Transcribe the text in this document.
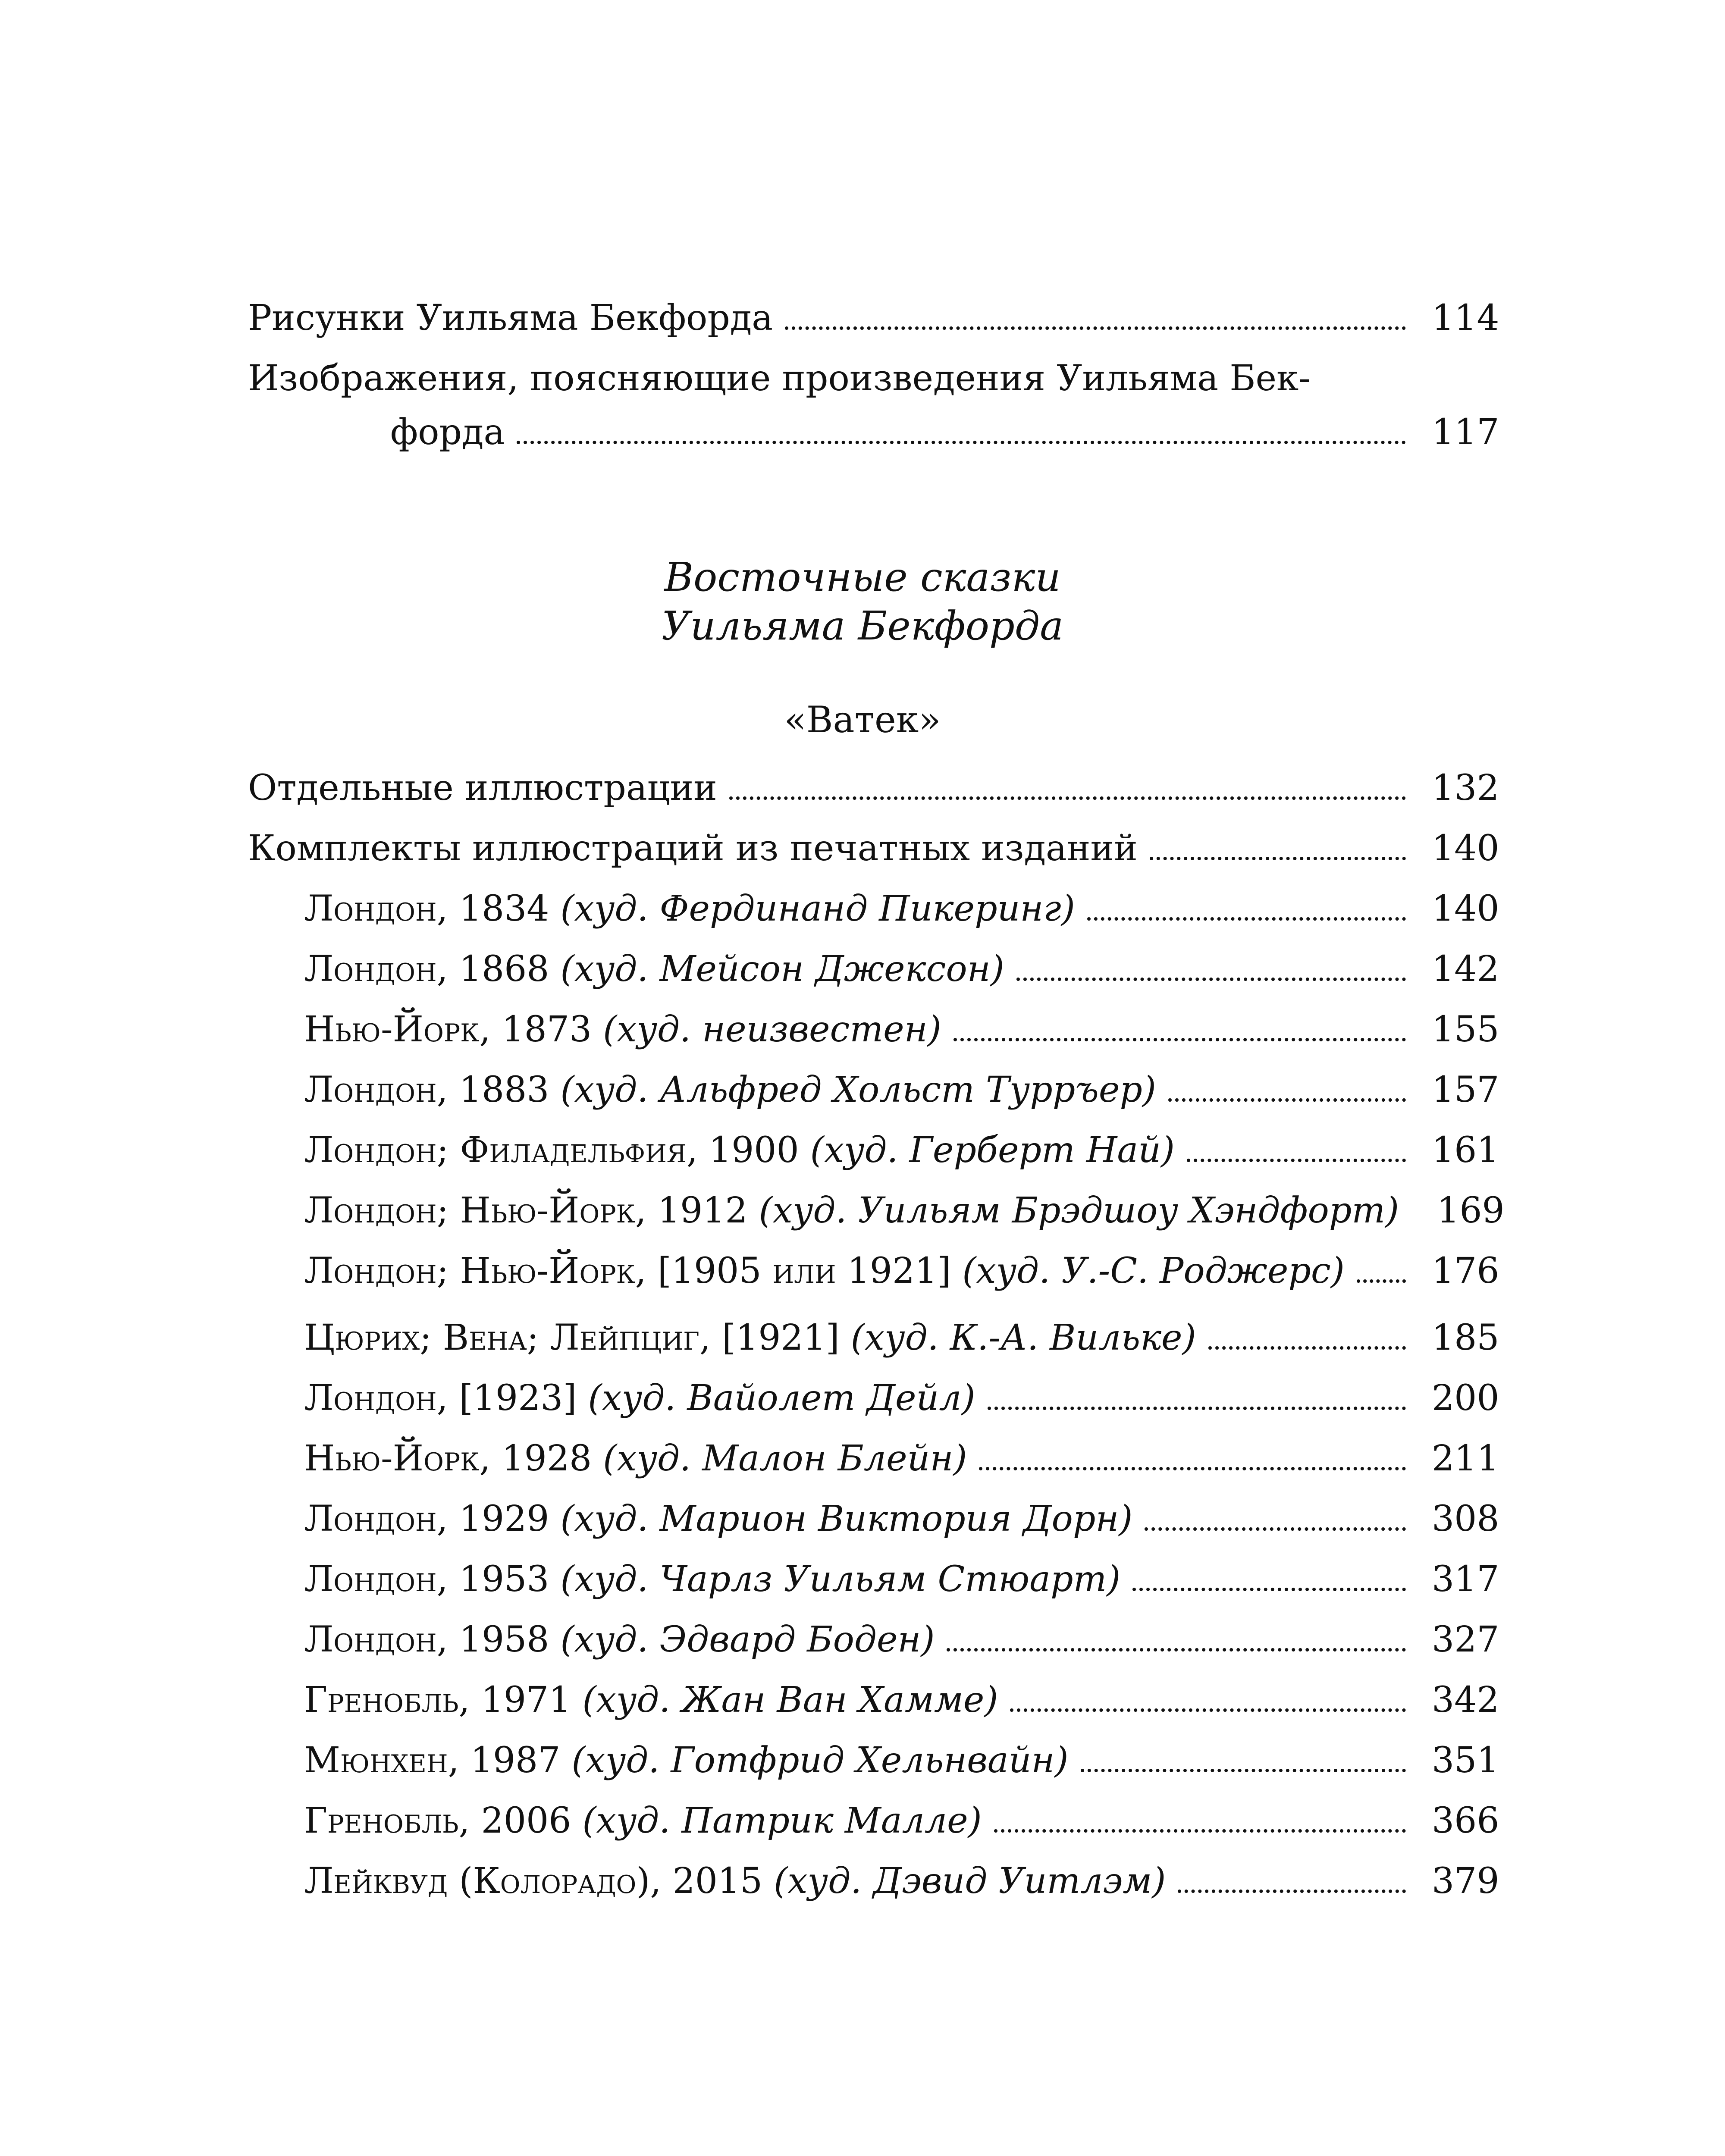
Рисунки Уильяма Бекфорда	114
Изображения, поясняющие произведения Уильяма Бек-
форда	117
Восточные сказки
Уильяма Бекфорда
«Ватек»
Отдельные иллюстрации	132
Комплекты иллюстраций из печатных изданий	140
Лондон, 1834 (худ. Фердинанд Пикеринг)	140
Лондон, 1868 (худ. Мейсон Джексон)	142
Нью-Йорк, 1873 (худ. неизвестен)	155
Лондон, 1883 (худ. Альфред Хольст Турръер)	157
Лондон; Филадельфия, 1900 (худ. Герберт Най)	161
Лондон; Нью-Йорк, 1912 (худ. Уильям Брэдшоу Хэндфорт) 169
Лондон; Нью-Йорк, [1905 или 1921] (худ. У.-С. Роджерс) 176
Цюрих; Вена; Лейпциг, [1921] (худ. К.-А. Вилькe)	185
Лондон, [1923] (худ. Вайолет Дейл)	200
Нью-Йорк, 1928 (худ. Малон Блейн)	211
Лондон, 1929 (худ. Марион Виктория Дорн)	308
Лондон, 1953 (худ. Чарлз Уильям Стюарт)	317
Лондон, 1958 (худ. Эдвард Боден)	327
Гренобль, 1971 (худ. Жан Ван Хамме)	342
Мюнхен, 1987 (худ. Готфрид Хельнвайн)	351
Гренобль, 2006 (худ. Патрик Малле)	366
Лейквуд (Колорадо), 2015 (худ. Дэвид Уитлэм)	379
